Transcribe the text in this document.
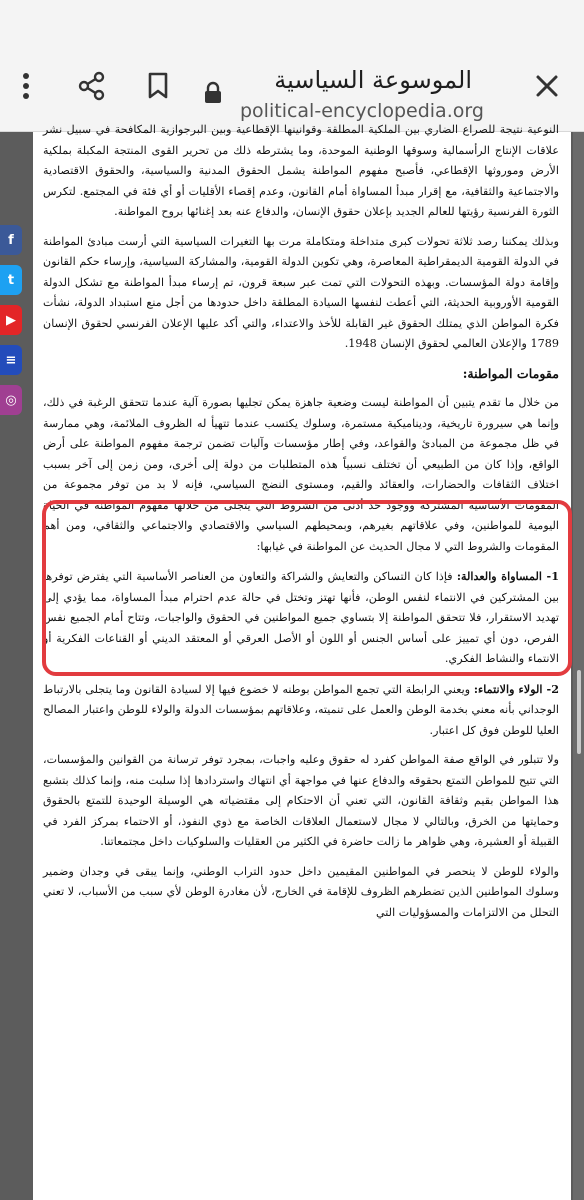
الموسوعة السياسية
political-encyclopedia.org

النوعية نتيجة للصراع الضاري بين الملكية المطلقة وقوانينها الإقطاعية وبين البرجوازية المكافحة في سبيل نشر علاقات الإنتاج الرأسمالية وسوقها الوطنية الموحدة، وما يشترطه ذلك من تحرير القوى المنتجة المكبلة بملكية الأرض وموروثها الإقطاعي، فأصبح مفهوم المواطنة يشمل الحقوق المدنية والسياسية، والحقوق الاقتصادية والاجتماعية والثقافية، مع إقرار مبدأ المساواة أمام القانون، وعدم إقصاء الأقليات أو أي فئة في المجتمع. لتكرس الثورة الفرنسية رؤيتها للعالم الجديد بإعلان حقوق الإنسان، والدفاع عنه بعد إغنائها بروح المواطنة.

وبذلك يمكننا رصد ثلاثة تحولات كبرى متداخلة ومتكاملة مرت بها التغيرات السياسية التي أرست مبادئ المواطنة في الدولة القومية الديمقراطية المعاصرة، وهي تكوين الدولة القومية، والمشاركة السياسية، وإرساء حكم القانون وإقامة دولة المؤسسات. وبهذه التحولات التي تمت عبر سبعة قرون، تم إرساء مبدأ المواطنة مع تشكل الدولة القومية الأوروبية الحديثة، التي أعطت لنفسها السيادة المطلقة داخل حدودها من أجل منع استبداد الدولة، نشأت فكرة المواطن الذي يمتلك الحقوق غير القابلة للأخذ والاعتداء، والتي أكد عليها الإعلان الفرنسي لحقوق الإنسان 1789 والإعلان العالمي لحقوق الإنسان 1948.

مقومات المواطنة:

من خلال ما تقدم يتبين أن المواطنة ليست وضعية جاهزة يمكن تجليها بصورة آلية عندما تتحقق الرغبة في ذلك، وإنما هي سيرورة تاريخية، وديناميكية مستمرة، وسلوك يكتسب عندما تتهيأ له الظروف الملائمة، وهي ممارسة في ظل مجموعة من المبادئ والقواعد، وفي إطار مؤسسات وآليات تضمن ترجمة مفهوم المواطنة على أرض الواقع، وإذا كان من الطبيعي أن تختلف نسبياً هذه المتطلبات من دولة إلى أخرى، ومن زمن إلى آخر بسبب اختلاف الثقافات والحضارات، والعقائد والقيم، ومستوى النضج السياسي، فإنه لا بد من توفر مجموعة من المقومات الأساسية المشتركة ووجود حد أدنى من الشروط التي يتجلى من خلالها مفهوم المواطنة في الحياة اليومية للمواطنين، وفي علاقاتهم بغيرهم، وبمحيطهم السياسي والاقتصادي والاجتماعي والثقافي، ومن أهم المقومات والشروط التي لا مجال الحديث عن المواطنة في غيابها:

1- المساواة والعدالة: فإذا كان التساكن والتعايش والشراكة والتعاون من العناصر الأساسية التي يفترض توفرها بين المشتركين في الانتماء لنفس الوطن، فأنها تهتز وتختل في حالة عدم احترام مبدأ المساواة، مما يؤدي إلى تهديد الاستقرار، فلا تتحقق المواطنة إلا بتساوي جميع المواطنين في الحقوق والواجبات، وتتاح أمام الجميع نفس الفرص، دون أي تمييز على أساس الجنس أو اللون أو الأصل العرقي أو المعتقد الديني أو القناعات الفكرية أو الانتماء والنشاط الفكري.

2- الولاء والانتماء: ويعني الرابطة التي تجمع المواطن بوطنه لا خضوع فيها إلا لسيادة القانون وما يتجلى بالارتباط الوجداني بأنه معني بخدمة الوطن والعمل على تنميته، وعلاقاتهم بمؤسسات الدولة والولاء للوطن واعتبار المصالح العليا للوطن فوق كل اعتبار.

ولا تتبلور في الواقع صفة المواطن كفرد له حقوق وعليه واجبات، بمجرد توفر ترسانة من القوانين والمؤسسات، التي تتيح للمواطن التمتع بحقوقه والدفاع عنها في مواجهة أي انتهاك واستردادها إذا سلبت منه، وإنما كذلك بتشبع هذا المواطن بقيم وثقافة القانون، التي تعني أن الاحتكام إلى مقتضياته هي الوسيلة الوحيدة للتمتع بالحقوق وحمايتها من الخرق، وبالتالي لا مجال لاستعمال العلاقات الخاصة مع ذوي النفوذ، أو الاحتماء بمركز الفرد في القبيلة أو العشيرة، وهي ظواهر ما زالت حاضرة في الكثير من العقليات والسلوكيات داخل مجتمعاتنا.

والولاء للوطن لا ينحصر في المواطنين المقيمين داخل حدود التراب الوطني، وإنما يبقى في وجدان وضمير وسلوك المواطنين الذين تضطرهم الظروف للإقامة في الخارج، لأن مغادرة الوطن لأي سبب من الأسباب، لا تعني التحلل من الالتزامات والمسؤوليات التي

f
t
▶
≡
◎
